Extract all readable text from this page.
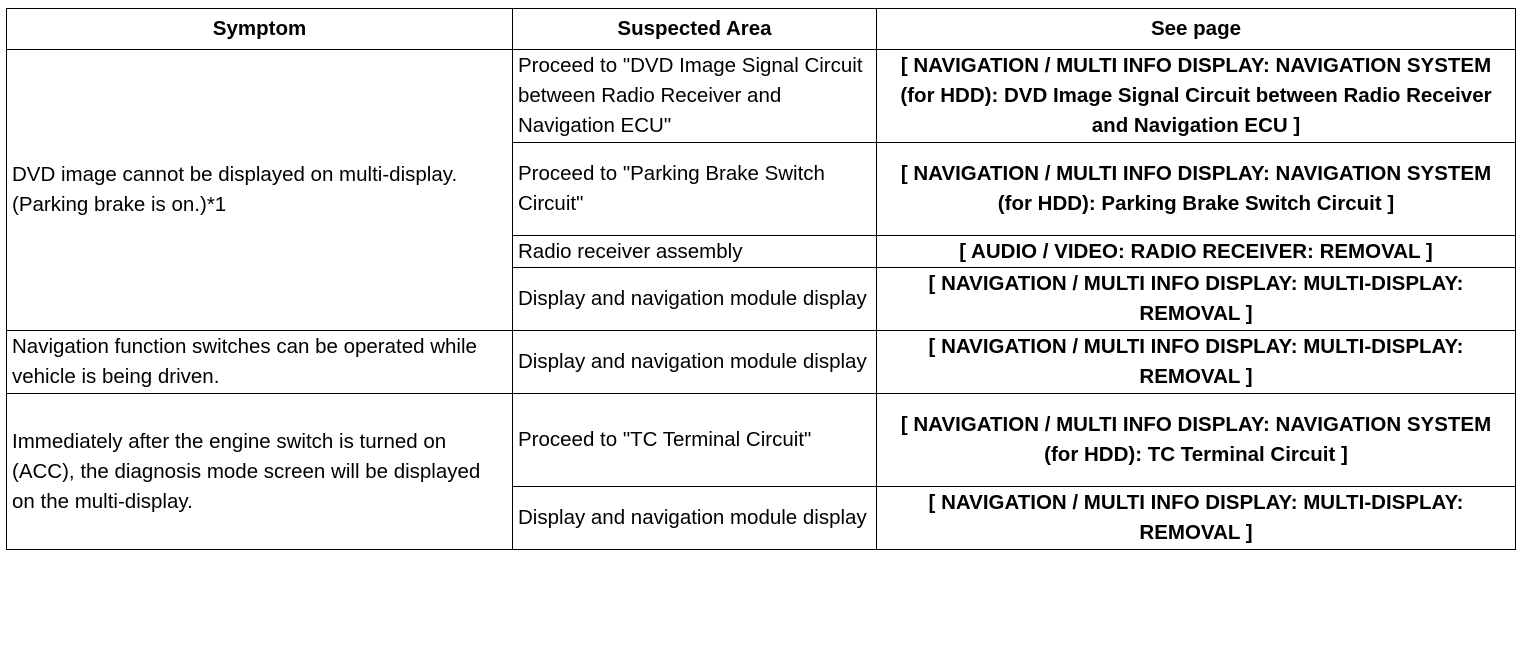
Symptom	Suspected Area	See page
DVD image cannot be displayed on multi-display. (Parking brake is on.)*1	Proceed to "DVD Image Signal Circuit between Radio Receiver and Navigation ECU"	[ NAVIGATION / MULTI INFO DISPLAY: NAVIGATION SYSTEM (for HDD): DVD Image Signal Circuit between Radio Receiver and Navigation ECU ]
	Proceed to "Parking Brake Switch Circuit"	[ NAVIGATION / MULTI INFO DISPLAY: NAVIGATION SYSTEM (for HDD): Parking Brake Switch Circuit ]
	Radio receiver assembly	[ AUDIO / VIDEO: RADIO RECEIVER: REMOVAL ]
	Display and navigation module display	[ NAVIGATION / MULTI INFO DISPLAY: MULTI-DISPLAY: REMOVAL ]
Navigation function switches can be operated while vehicle is being driven.	Display and navigation module display	[ NAVIGATION / MULTI INFO DISPLAY: MULTI-DISPLAY: REMOVAL ]
Immediately after the engine switch is turned on (ACC), the diagnosis mode screen will be displayed on the multi-display.	Proceed to "TC Terminal Circuit"	[ NAVIGATION / MULTI INFO DISPLAY: NAVIGATION SYSTEM (for HDD): TC Terminal Circuit ]
	Display and navigation module display	[ NAVIGATION / MULTI INFO DISPLAY: MULTI-DISPLAY: REMOVAL ]
